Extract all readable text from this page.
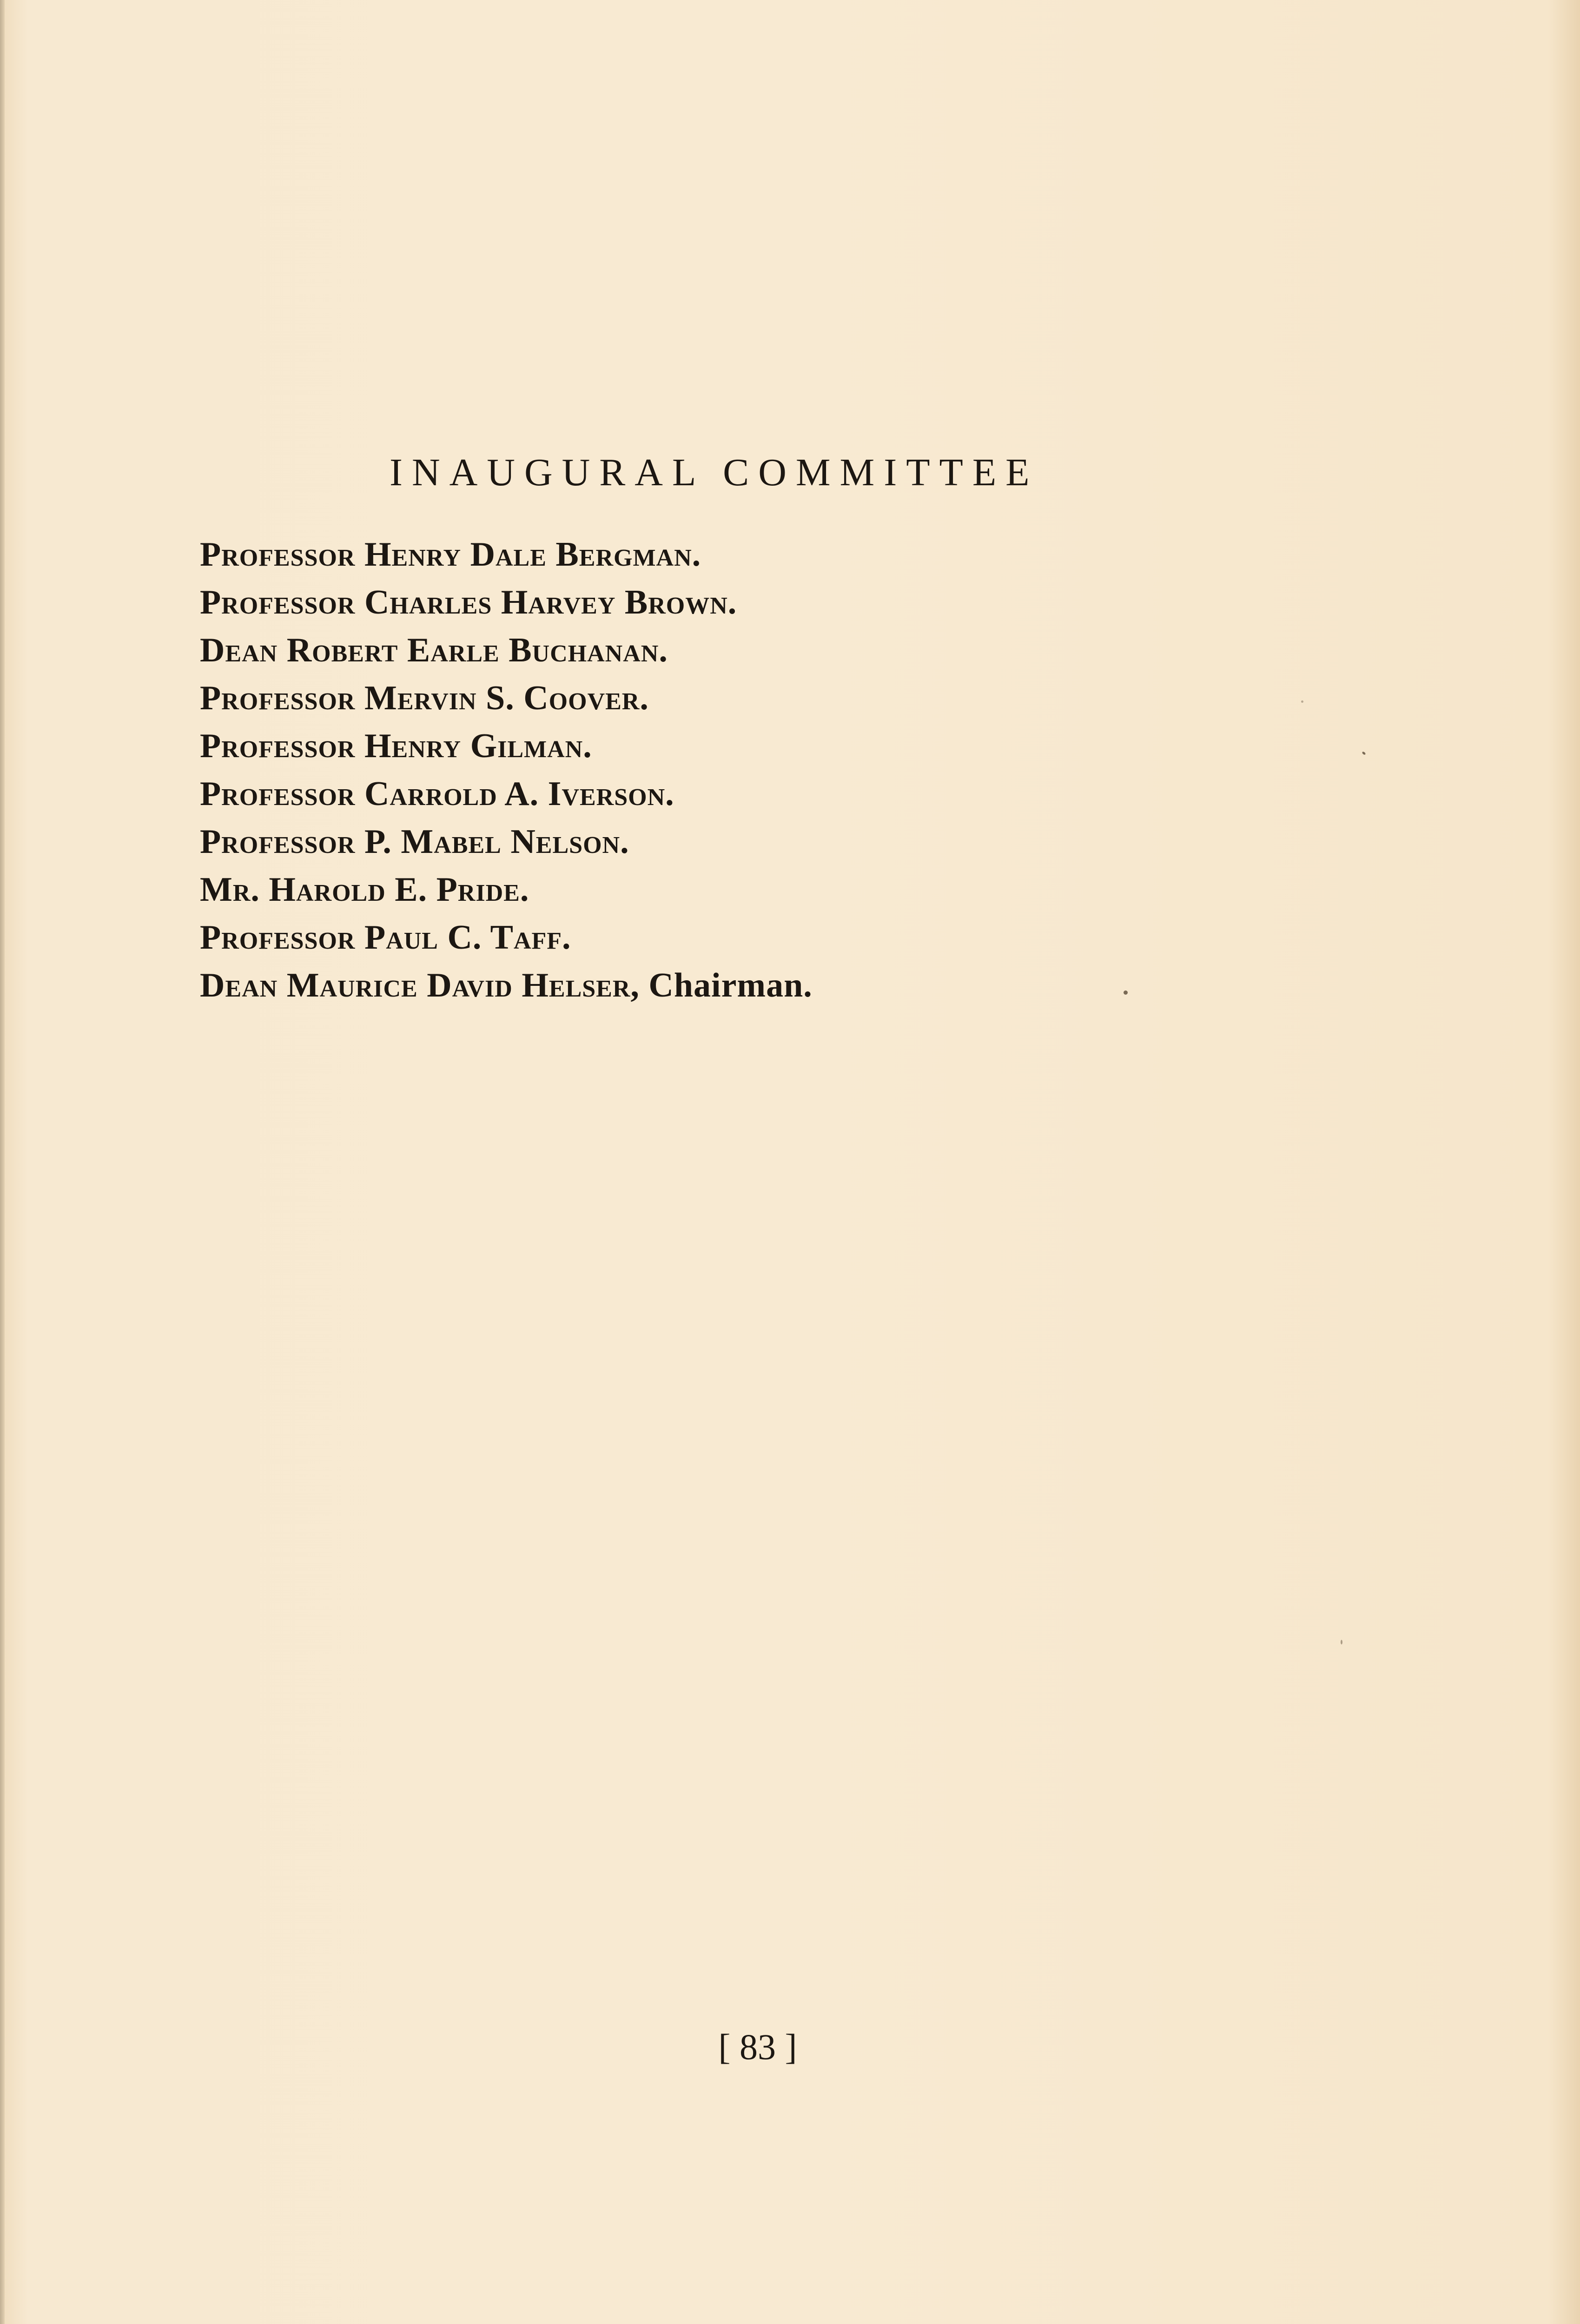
INAUGURAL COMMITTEE
Professor Henry Dale Bergman.
Professor Charles Harvey Brown.
Dean Robert Earle Buchanan.
Professor Mervin S. Coover.
Professor Henry Gilman.
Professor Carrold A. Iverson.
Professor P. Mabel Nelson.
Mr. Harold E. Pride.
Professor Paul C. Taff.
Dean Maurice David Helser, Chairman.
[ 83 ]
